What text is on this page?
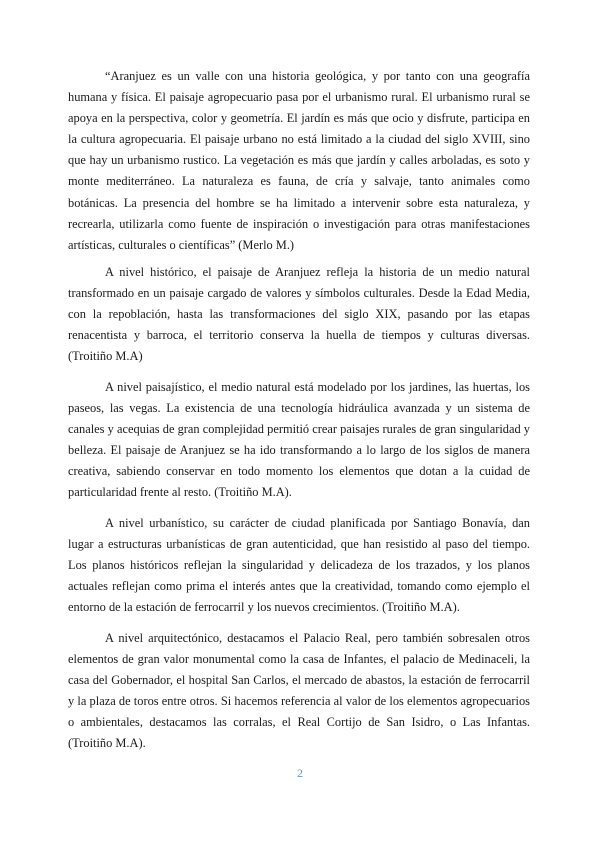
“Aranjuez es un valle con una historia geológica, y por tanto con una geografía humana y física. El paisaje agropecuario pasa por el urbanismo rural. El urbanismo rural se apoya en la perspectiva, color y geometría. El jardín es más que ocio y disfrute, participa en la cultura agropecuaria. El paisaje urbano no está limitado a la ciudad del siglo XVIII, sino que hay un urbanismo rustico. La vegetación es más que jardín y calles arboladas, es soto y monte mediterráneo. La naturaleza es fauna, de cría y salvaje, tanto animales como botánicas. La presencia del hombre se ha limitado a intervenir sobre esta naturaleza, y recrearla, utilizarla como fuente de inspiración o investigación para otras manifestaciones artísticas, culturales o científicas” (Merlo M.)

A nivel histórico, el paisaje de Aranjuez refleja la historia de un medio natural transformado en un paisaje cargado de valores y símbolos culturales. Desde la Edad Media, con la repoblación, hasta las transformaciones del siglo XIX, pasando por las etapas renacentista y barroca, el territorio conserva la huella de tiempos y culturas diversas. (Troitiño M.A)

A nivel paisajístico, el medio natural está modelado por los jardines, las huertas, los paseos, las vegas. La existencia de una tecnología hidráulica avanzada y un sistema de canales y acequias de gran complejidad permitió crear paisajes rurales de gran singularidad y belleza. El paisaje de Aranjuez se ha ido transformando a lo largo de los siglos de manera creativa, sabiendo conservar en todo momento los elementos que dotan a la cuidad de particularidad frente al resto. (Troitiño M.A).

A nivel urbanístico, su carácter de ciudad planificada por Santiago Bonavía, dan lugar a estructuras urbanísticas de gran autenticidad, que han resistido al paso del tiempo. Los planos históricos reflejan la singularidad y delicadeza de los trazados, y los planos actuales reflejan como prima el interés antes que la creatividad, tomando como ejemplo el entorno de la estación de ferrocarril y los nuevos crecimientos. (Troitiño M.A).

A nivel arquitectónico, destacamos el Palacio Real, pero también sobresalen otros elementos de gran valor monumental como la casa de Infantes, el palacio de Medinaceli, la casa del Gobernador, el hospital San Carlos, el mercado de abastos, la estación de ferrocarril y la plaza de toros entre otros. Si hacemos referencia al valor de los elementos agropecuarios o ambientales, destacamos las corralas, el Real Cortijo de San Isidro, o Las Infantas. (Troitiño M.A).

2
